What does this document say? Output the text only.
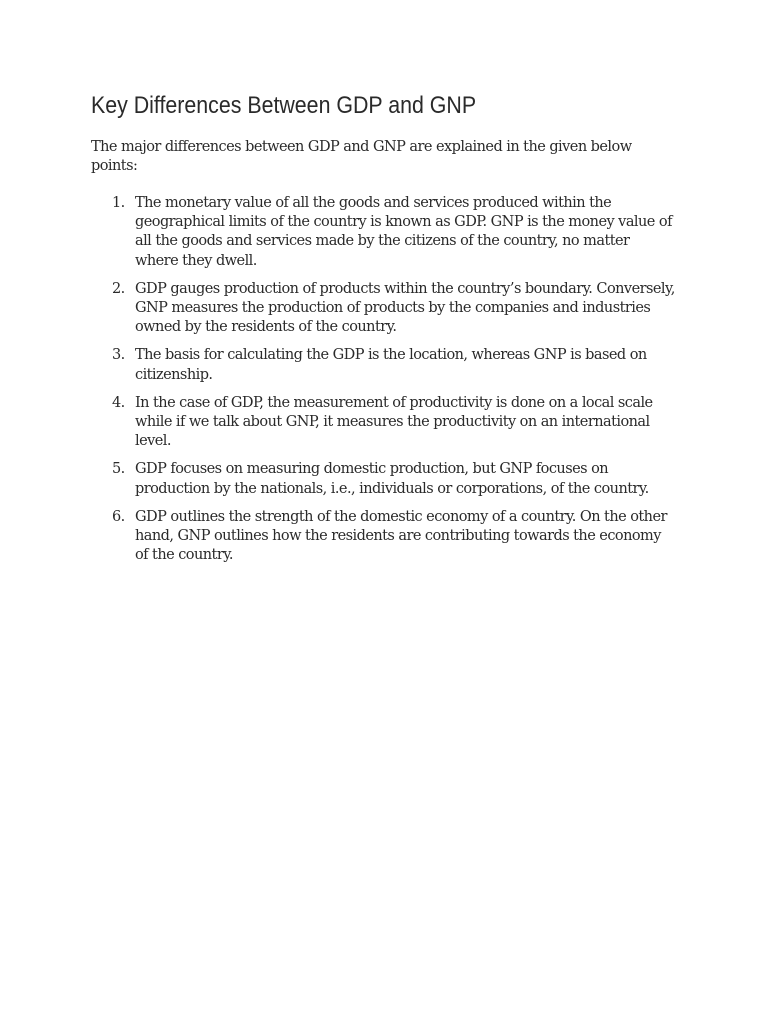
Key Differences Between GDP and GNP

The major differences between GDP and GNP are explained in the given below points:

1. The monetary value of all the goods and services produced within the geographical limits of the country is known as GDP. GNP is the money value of all the goods and services made by the citizens of the country, no matter where they dwell.
2. GDP gauges production of products within the country’s boundary. Conversely, GNP measures the production of products by the companies and industries owned by the residents of the country.
3. The basis for calculating the GDP is the location, whereas GNP is based on citizenship.
4. In the case of GDP, the measurement of productivity is done on a local scale while if we talk about GNP, it measures the productivity on an international level.
5. GDP focuses on measuring domestic production, but GNP focuses on production by the nationals, i.e., individuals or corporations, of the country.
6. GDP outlines the strength of the domestic economy of a country. On the other hand, GNP outlines how the residents are contributing towards the economy of the country.
